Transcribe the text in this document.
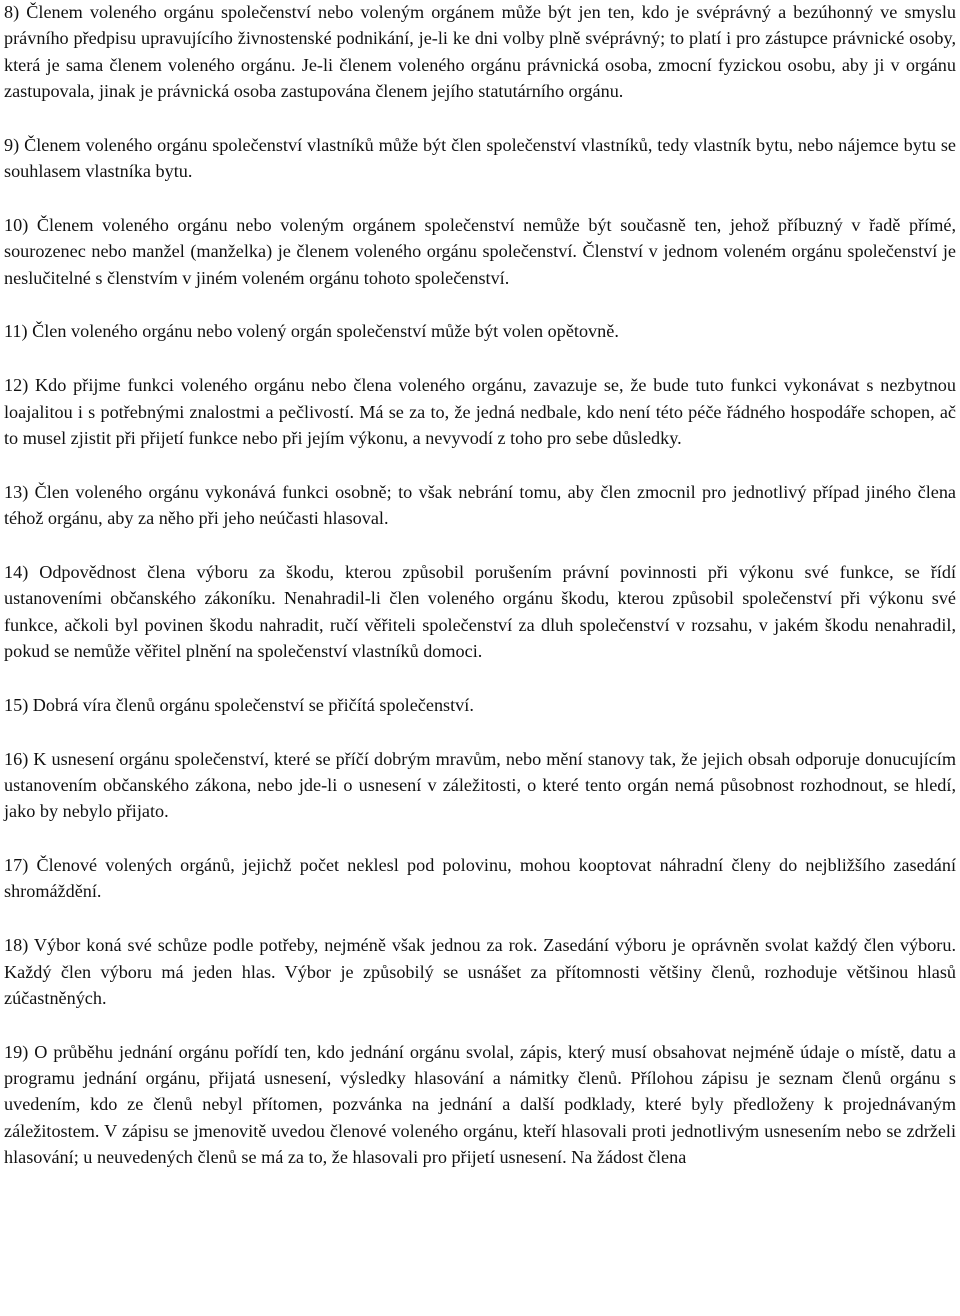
8) Členem voleného orgánu společenství nebo voleným orgánem může být jen ten, kdo je svéprávný a bezúhonný ve smyslu právního předpisu upravujícího živnostenské podnikání, je-li ke dni volby plně svéprávný; to platí i pro zástupce právnické osoby, která je sama členem voleného orgánu. Je-li členem voleného orgánu právnická osoba, zmocní fyzickou osobu, aby ji v orgánu zastupovala, jinak je právnická osoba zastupována členem jejího statutárního orgánu.

9) Členem voleného orgánu společenství vlastníků může být člen společenství vlastníků, tedy vlastník bytu, nebo nájemce bytu se souhlasem vlastníka bytu.

10) Členem voleného orgánu nebo voleným orgánem společenství nemůže být současně ten, jehož příbuzný v řadě přímé, sourozenec nebo manžel (manželka) je členem voleného orgánu společenství. Členství v jednom voleném orgánu společenství je neslučitelné s členstvím v jiném voleném orgánu tohoto společenství.

11) Člen voleného orgánu nebo volený orgán společenství může být volen opětovně.

12) Kdo přijme funkci voleného orgánu nebo člena voleného orgánu, zavazuje se, že bude tuto funkci vykonávat s nezbytnou loajalitou i s potřebnými znalostmi a pečlivostí. Má se za to, že jedná nedbale, kdo není této péče řádného hospodáře schopen, ač to musel zjistit při přijetí funkce nebo při jejím výkonu, a nevyvodí z toho pro sebe důsledky.

13) Člen voleného orgánu vykonává funkci osobně; to však nebrání tomu, aby člen zmocnil pro jednotlivý případ jiného člena téhož orgánu, aby za něho při jeho neúčasti hlasoval.

14) Odpovědnost člena výboru za škodu, kterou způsobil porušením právní povinnosti při výkonu své funkce, se řídí ustanoveními občanského zákoníku. Nenahradil-li člen voleného orgánu škodu, kterou způsobil společenství při výkonu své funkce, ačkoli byl povinen škodu nahradit, ručí věřiteli společenství za dluh společenství v rozsahu, v jakém škodu nenahradil, pokud se nemůže věřitel plnění na společenství vlastníků domoci.

15) Dobrá víra členů orgánu společenství se přičítá společenství.

16) K usnesení orgánu společenství, které se příčí dobrým mravům, nebo mění stanovy tak, že jejich obsah odporuje donucujícím ustanovením občanského zákona, nebo jde-li o usnesení v záležitosti, o které tento orgán nemá působnost rozhodnout, se hledí, jako by nebylo přijato.

17) Členové volených orgánů, jejichž počet neklesl pod polovinu, mohou kooptovat náhradní členy do nejbližšího zasedání shromáždění.

18) Výbor koná své schůze podle potřeby, nejméně však jednou za rok. Zasedání výboru je oprávněn svolat každý člen výboru. Každý člen výboru má jeden hlas. Výbor je způsobilý se usnášet za přítomnosti většiny členů, rozhoduje většinou hlasů zúčastněných.

19) O průběhu jednání orgánu pořídí ten, kdo jednání orgánu svolal, zápis, který musí obsahovat nejméně údaje o místě, datu a programu jednání orgánu, přijatá usnesení, výsledky hlasování a námitky členů. Přílohou zápisu je seznam členů orgánu s uvedením, kdo ze členů nebyl přítomen, pozvánka na jednání a další podklady, které byly předloženy k projednávaným záležitostem. V zápisu se jmenovitě uvedou členové voleného orgánu, kteří hlasovali proti jednotlivým usnesením nebo se zdrželi hlasování; u neuvedených členů se má za to, že hlasovali pro přijetí usnesení. Na žádost člena
